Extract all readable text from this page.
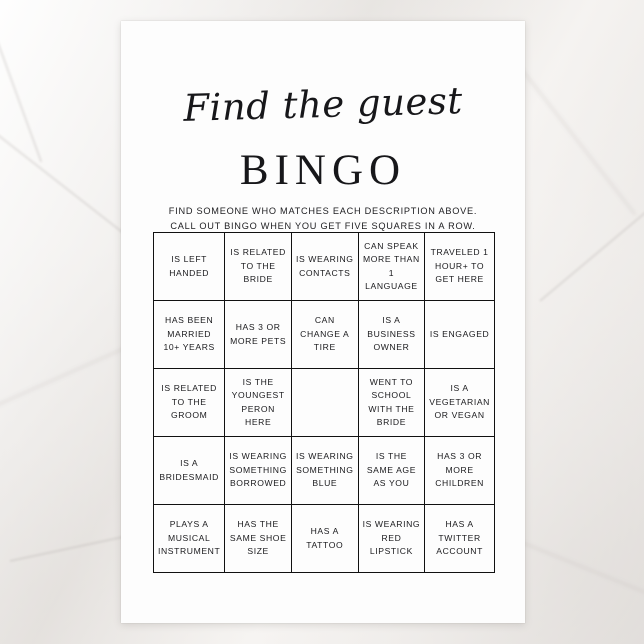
Find the guest
BINGO
FIND SOMEONE WHO MATCHES EACH DESCRIPTION ABOVE.
CALL OUT BINGO WHEN YOU GET FIVE SQUARES IN A ROW.
IS LEFT HANDED
IS RELATED TO THE BRIDE
IS WEARING CONTACTS
CAN SPEAK MORE THAN 1 LANGUAGE
TRAVELED 1 HOUR+ TO GET HERE
HAS BEEN MARRIED 10+ YEARS
HAS 3 OR MORE PETS
CAN CHANGE A TIRE
IS A BUSINESS OWNER
IS ENGAGED
IS RELATED TO THE GROOM
IS THE YOUNGEST PERON HERE
WENT TO SCHOOL WITH THE BRIDE
IS A VEGETARIAN OR VEGAN
IS A BRIDESMAID
IS WEARING SOMETHING BORROWED
IS WEARING SOMETHING BLUE
IS THE SAME AGE AS YOU
HAS 3 OR MORE CHILDREN
PLAYS A MUSICAL INSTRUMENT
HAS THE SAME SHOE SIZE
HAS A TATTOO
IS WEARING RED LIPSTICK
HAS A TWITTER ACCOUNT
